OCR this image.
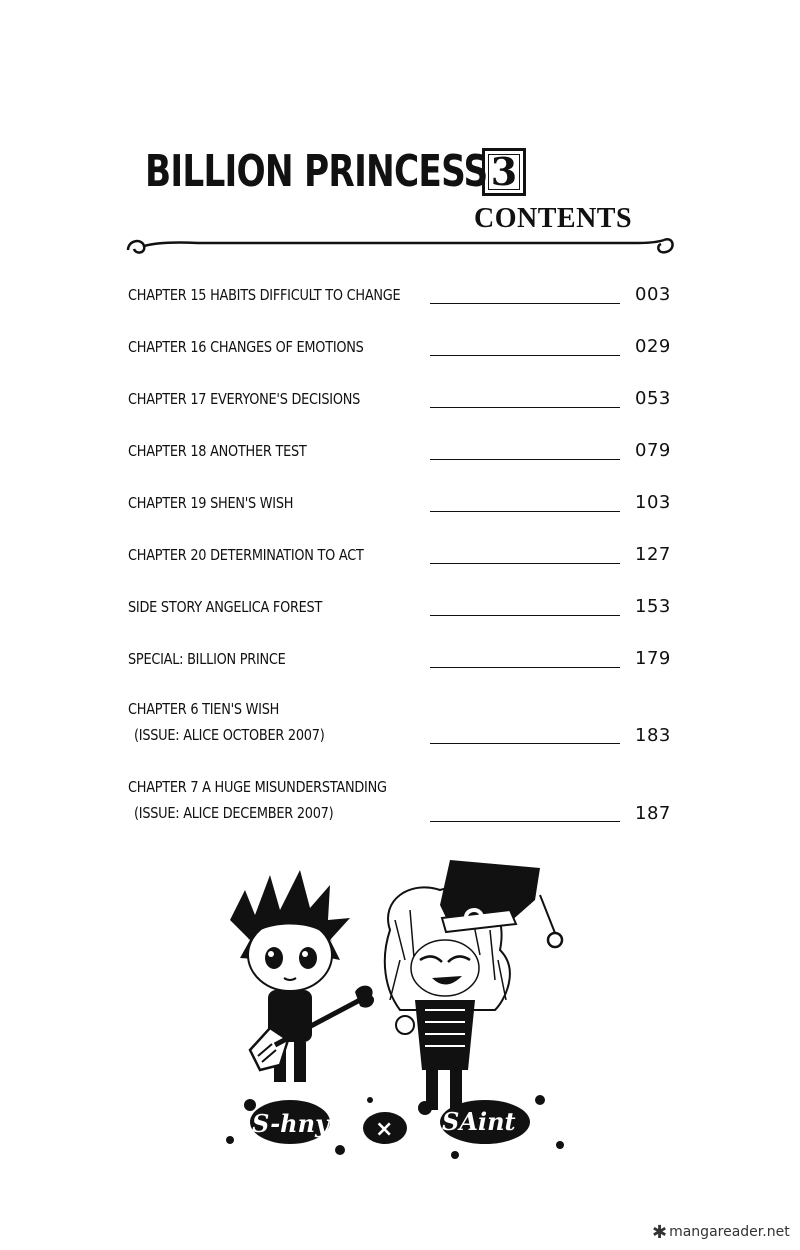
BILLION PRINCESS 3
CONTENTS
CHAPTER 15 HABITS DIFFICULT TO CHANGE	003
CHAPTER 16 CHANGES OF EMOTIONS	029
CHAPTER 17 EVERYONE'S DECISIONS	053
CHAPTER 18 ANOTHER TEST	079
CHAPTER 19 SHEN'S WISH	103
CHAPTER 20 DETERMINATION TO ACT	127
SIDE STORY ANGELICA FOREST	153
SPECIAL: BILLION PRINCE	179
CHAPTER 6 TIEN'S WISH
(ISSUE: ALICE OCTOBER 2007)	183
CHAPTER 7 A HUGE MISUNDERSTANDING
(ISSUE: ALICE DECEMBER 2007)	187
S-hny × SAint
✱ mangareader.net
